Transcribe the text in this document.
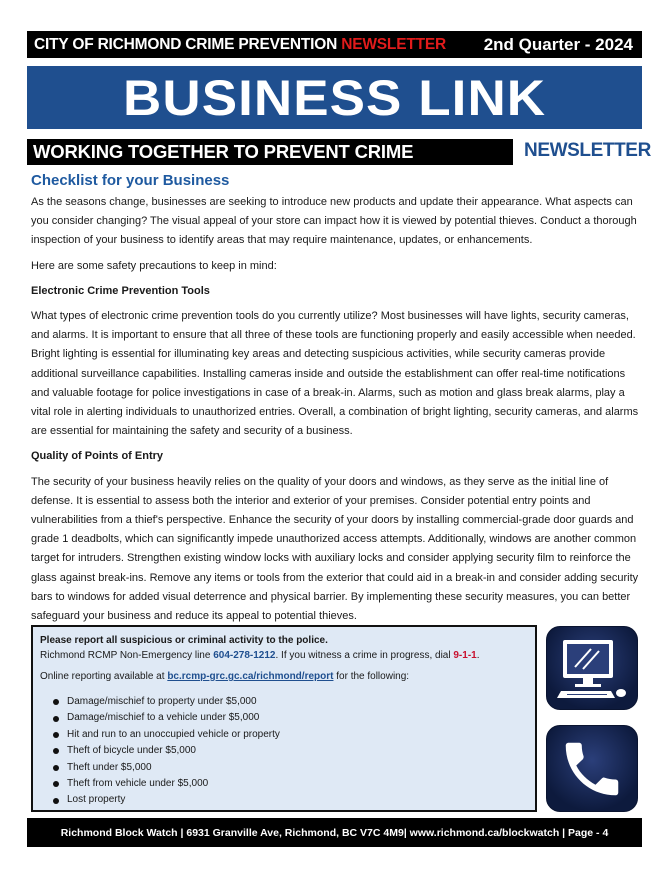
CITY OF RICHMOND CRIME PREVENTION NEWSLETTER 2nd Quarter - 2024
BUSINESS LINK
WORKING TOGETHER TO PREVENT CRIME	NEWSLETTER
Checklist for your Business

As the seasons change, businesses are seeking to introduce new products and update their appearance. What aspects can you consider changing? The visual appeal of your store can impact how it is viewed by potential thieves. Conduct a thorough inspection of your business to identify areas that may require maintenance, updates, or enhancements.

Here are some safety precautions to keep in mind:

Electronic Crime Prevention Tools

What types of electronic crime prevention tools do you currently utilize? Most businesses will have lights, security cameras, and alarms. It is important to ensure that all three of these tools are functioning properly and easily accessible when needed. Bright lighting is essential for illuminating key areas and detecting suspicious activities, while security cameras provide additional surveillance capabilities. Installing cameras inside and outside the establishment can offer real-time notifications and valuable footage for police investigations in case of a break-in. Alarms, such as motion and glass break alarms, play a vital role in alerting individuals to unauthorized entries. Overall, a combination of bright lighting, security cameras, and alarms are essential for maintaining the safety and security of a business.

Quality of Points of Entry

The security of your business heavily relies on the quality of your doors and windows, as they serve as the initial line of defense. It is essential to assess both the interior and exterior of your premises. Consider potential entry points and vulnerabilities from a thief's perspective. Enhance the security of your doors by installing commercial-grade door guards and grade 1 deadbolts, which can significantly impede unauthorized access attempts. Additionally, windows are another common target for intruders. Strengthen existing window locks with auxiliary locks and consider applying security film to reinforce the glass against break-ins. Remove any items or tools from the exterior that could aid in a break-in and consider adding security bars to windows for added visual deterrence and physical barrier. By implementing these security measures, you can better safeguard your business and reduce its appeal to potential thieves.

Please report all suspicious or criminal activity to the police.
Richmond RCMP Non-Emergency line 604-278-1212. If you witness a crime in progress, dial 9-1-1.
Online reporting available at bc.rcmp-grc.gc.ca/richmond/report for the following:
Damage/mischief to property under $5,000
Damage/mischief to a vehicle under $5,000
Hit and run to an unoccupied vehicle or property
Theft of bicycle under $5,000
Theft under $5,000
Theft from vehicle under $5,000
Lost property
Richmond Block Watch | 6931 Granville Ave, Richmond, BC V7C 4M9| www.richmond.ca/blockwatch | Page - 4
